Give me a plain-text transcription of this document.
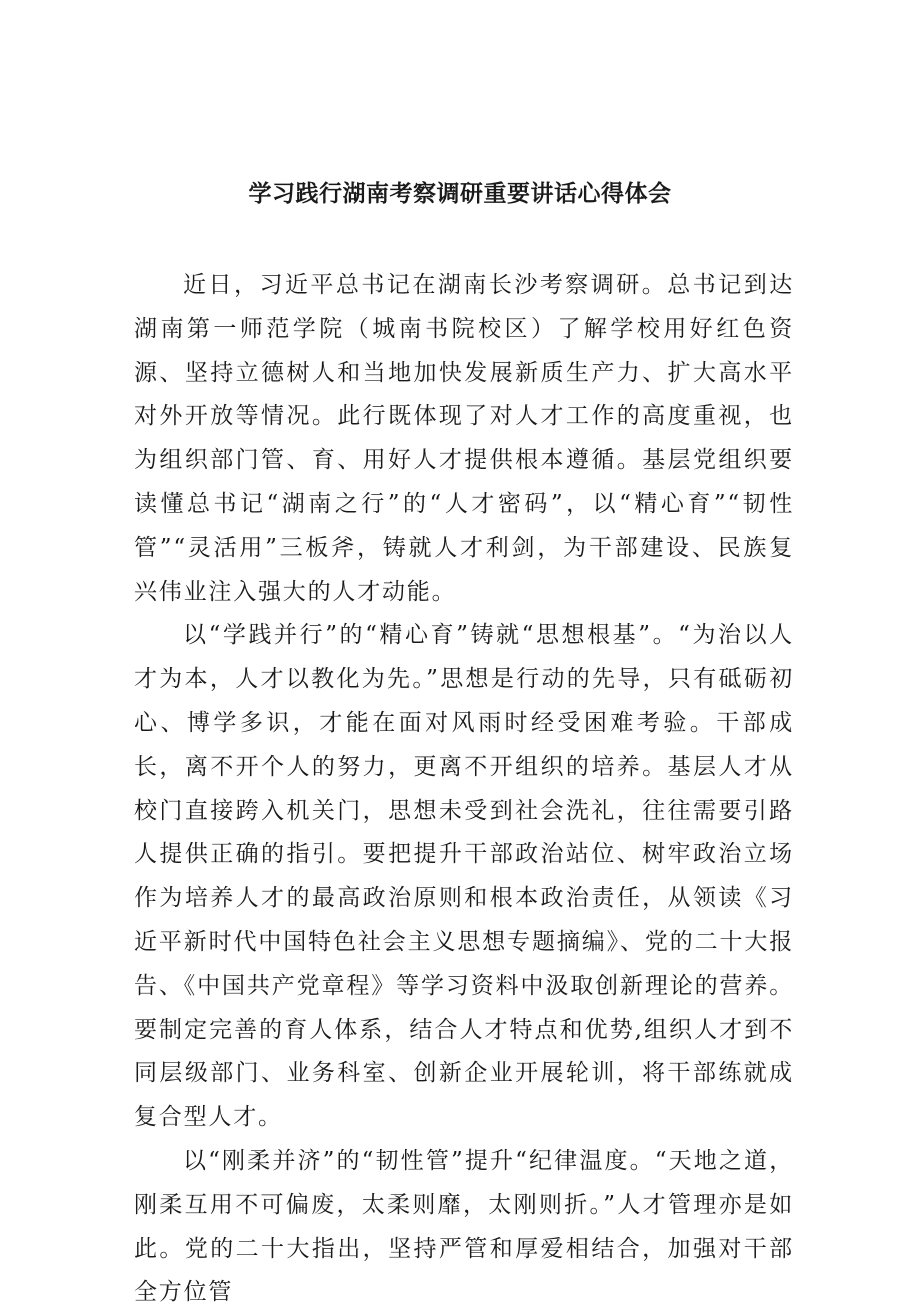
学习践行湖南考察调研重要讲话心得体会

近日，习近平总书记在湖南长沙考察调研。总书记到达湖南第一师范学院（城南书院校区）了解学校用好红色资源、坚持立德树人和当地加快发展新质生产力、扩大高水平对外开放等情况。此行既体现了对人才工作的高度重视，也为组织部门管、育、用好人才提供根本遵循。基层党组织要读懂总书记“湖南之行”的“人才密码”，以“精心育”“韧性管”“灵活用”三板斧，铸就人才利剑，为干部建设、民族复兴伟业注入强大的人才动能。

以“学践并行”的“精心育”铸就“思想根基”。“为治以人才为本，人才以教化为先。”思想是行动的先导，只有砥砺初心、博学多识，才能在面对风雨时经受困难考验。干部成长，离不开个人的努力，更离不开组织的培养。基层人才从校门直接跨入机关门，思想未受到社会洗礼，往往需要引路人提供正确的指引。要把提升干部政治站位、树牢政治立场作为培养人才的最高政治原则和根本政治责任，从领读《习近平新时代中国特色社会主义思想专题摘编》、党的二十大报告、《中国共产党章程》等学习资料中汲取创新理论的营养。要制定完善的育人体系，结合人才特点和优势,组织人才到不同层级部门、业务科室、创新企业开展轮训，将干部练就成复合型人才。

以“刚柔并济”的“韧性管”提升“纪律温度。“天地之道，刚柔互用不可偏废，太柔则靡，太刚则折。”人才管理亦是如此。党的二十大指出，坚持严管和厚爱相结合，加强对干部全方位管
